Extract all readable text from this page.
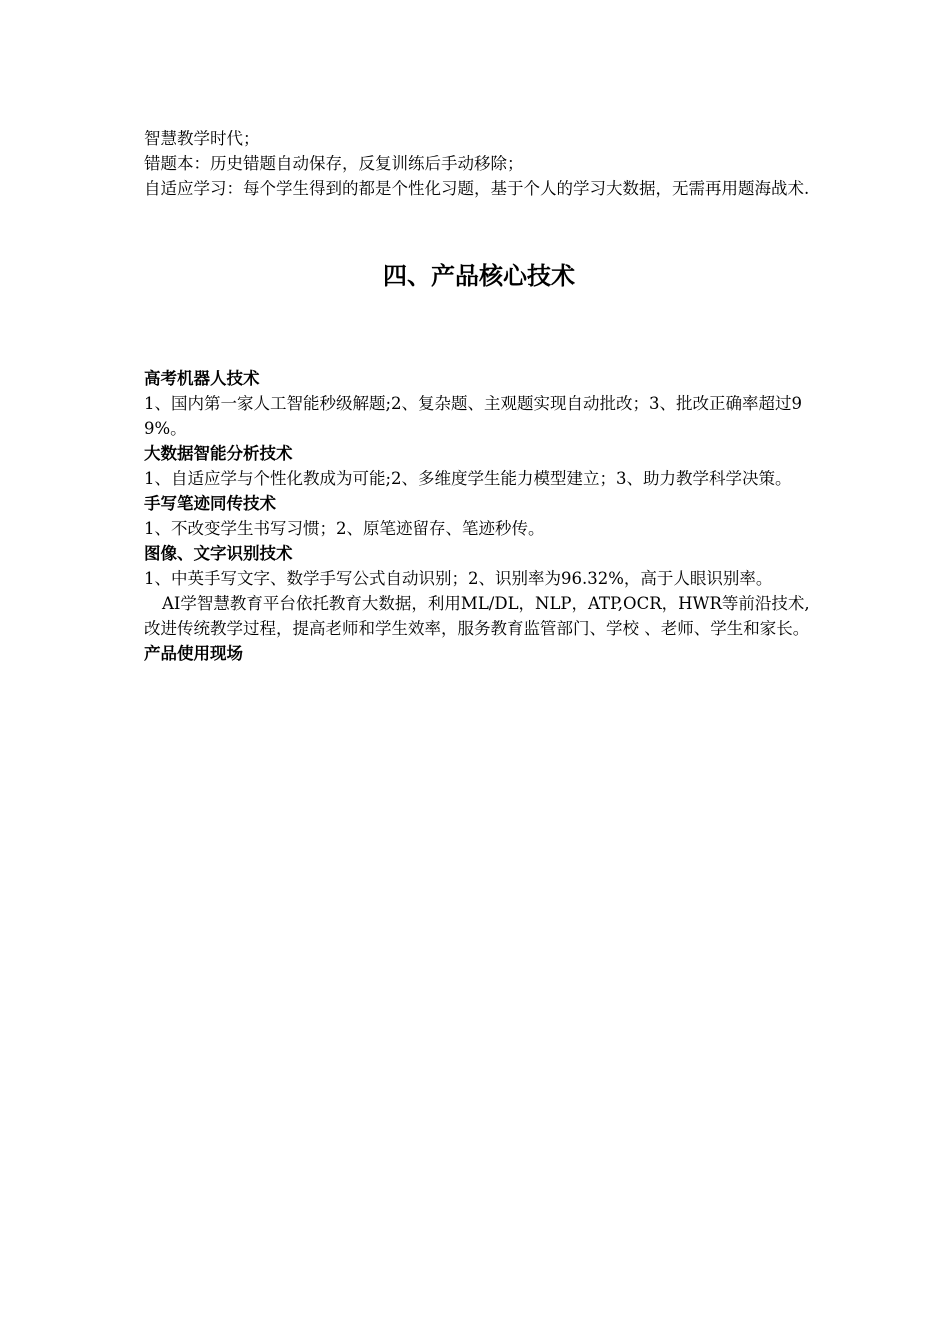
智慧教学时代；

错题本：历史错题自动保存，反复训练后手动移除；

自适应学习：每个学生得到的都是个性化习题，基于个人的学习大数据，无需再用题海战术.

四、产品核心技术

高考机器人技术

1、国内第一家人工智能秒级解题;2、复杂题、主观题实现自动批改；3、批改正确率超过99%。

大数据智能分析技术

1、自适应学与个性化教成为可能;2、多维度学生能力模型建立；3、助力教学科学决策。

手写笔迹同传技术

1、不改变学生书写习惯；2、原笔迹留存、笔迹秒传。

图像、文字识别技术

1、中英手写文字、数学手写公式自动识别；2、识别率为96.32%，高于人眼识别率。

AI学智慧教育平台依托教育大数据，利用ML/DL，NLP，ATP,OCR，HWR等前沿技术,改进传统教学过程，提高老师和学生效率，服务教育监管部门、学校 、老师、学生和家长。

产品使用现场
